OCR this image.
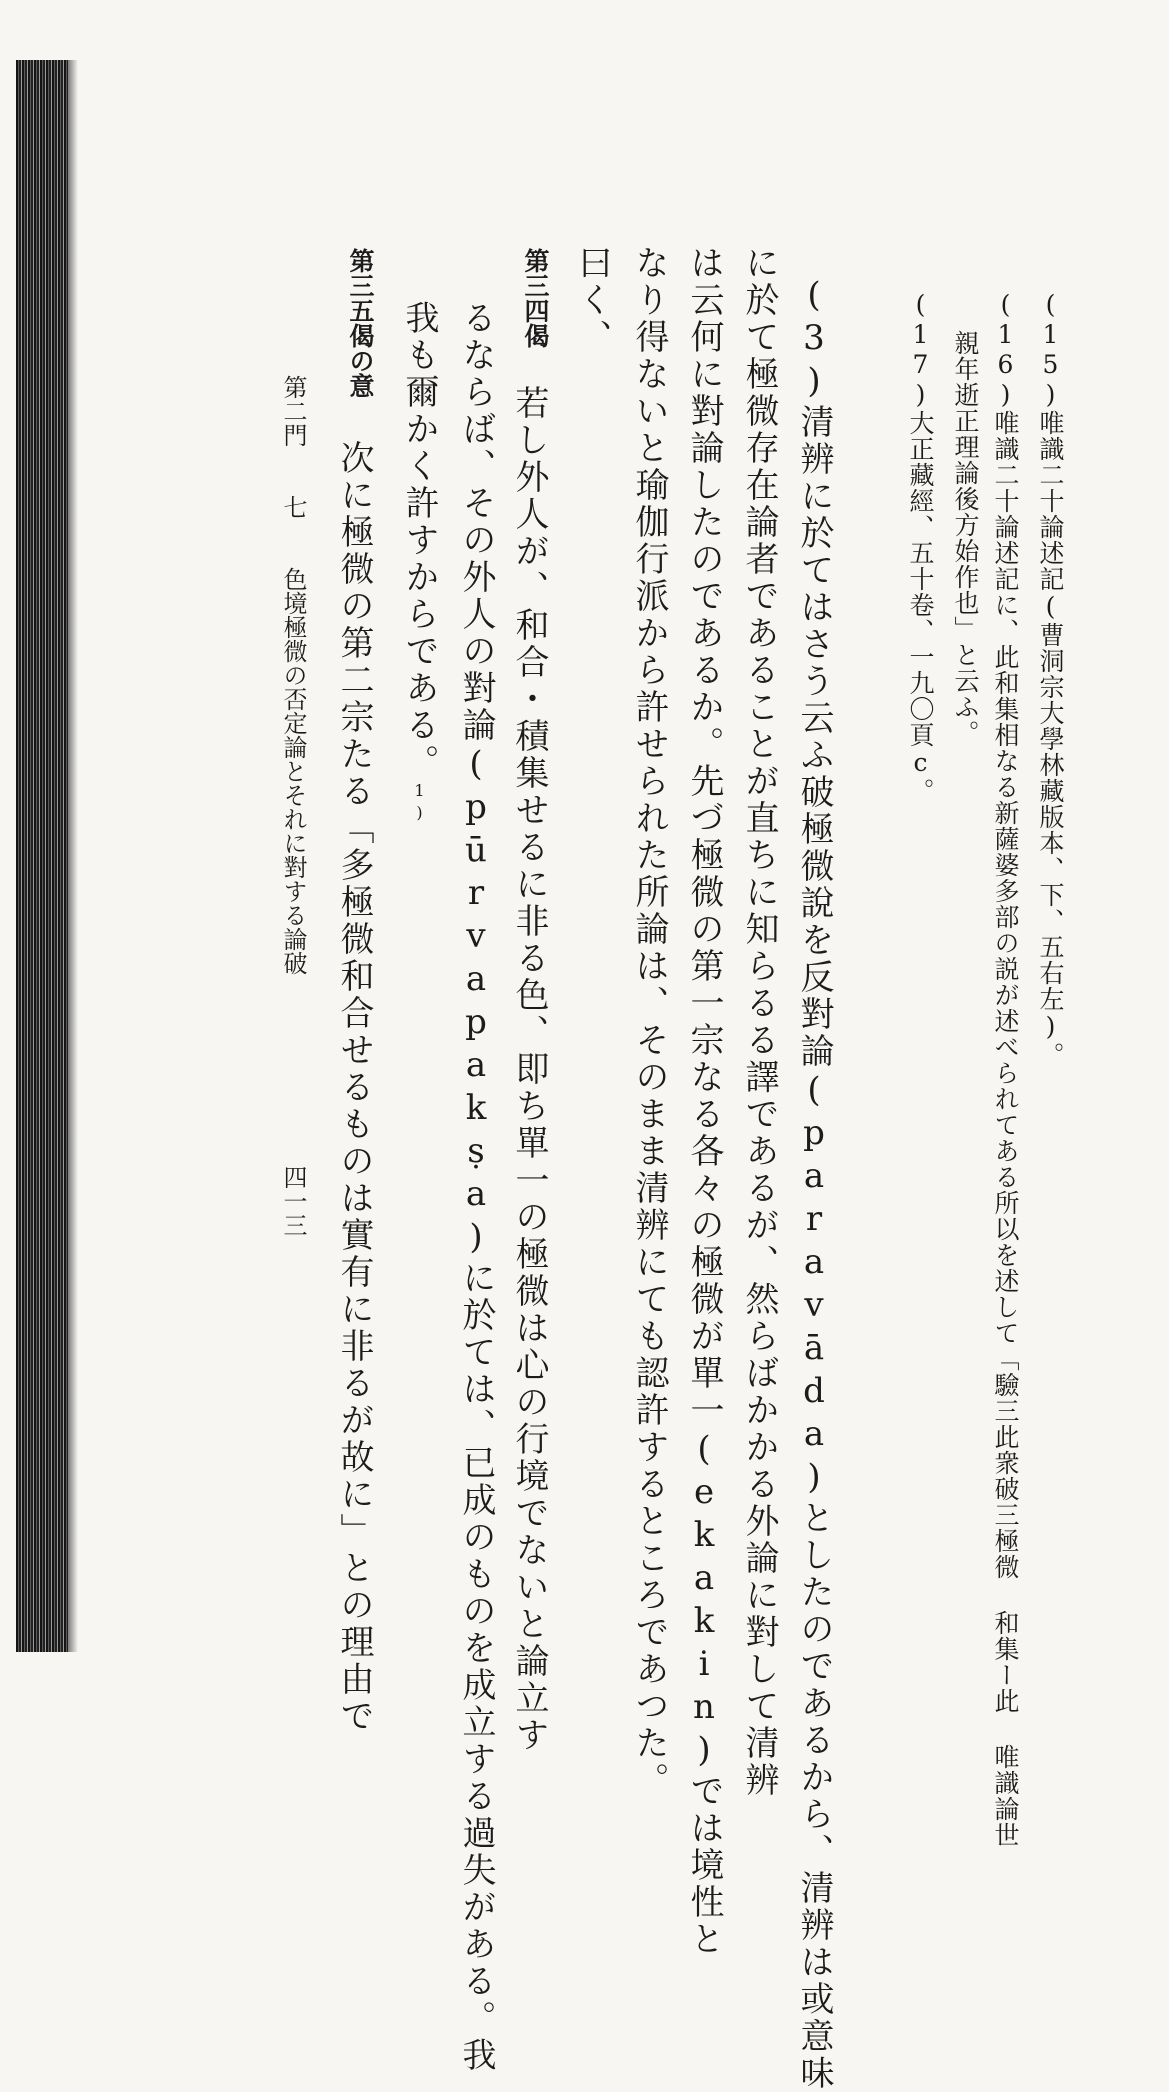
(15)唯識二十論述記(曹洞宗大學林藏版本、下、五右左)。

(16)唯識二十論述記に、此和集相なる新薩婆多部の説が述べられてある所以を述して「驗三此衆破三極微 和集ー此 唯識論世

親年逝正理論後方始作也」と云ふ。

(17)大正藏經、五十卷、一九〇頁c。

(3)清辨に於てはさう云ふ破極微說を反對論(paravāda)としたのであるから、清辨は或意味

に於て極微存在論者であることが直ちに知らるる譯であるが、然らばかかる外論に對して清辨

は云何に對論したのであるか。先づ極微の第一宗なる各々の極微が單一(ekakin)では境性と

なり得ないと瑜伽行派から許せられた所論は、そのまま清辨にても認許するところであつた。

曰く、

第三四偈

若し外人が、和合・積集せるに非る色、即ち單一の極微は心の行境でないと論立す

るならば、その外人の對論(pūrvapakṣa)に於ては、已成のものを成立する過失がある。我

我も爾かく許すからである。1)

第三五偈の意

次に極微の第二宗たる「多極微和合せるものは實有に非るが故に」との理由で

第二門　　七　　色境極微の否定論とそれに對する論破

四一三
